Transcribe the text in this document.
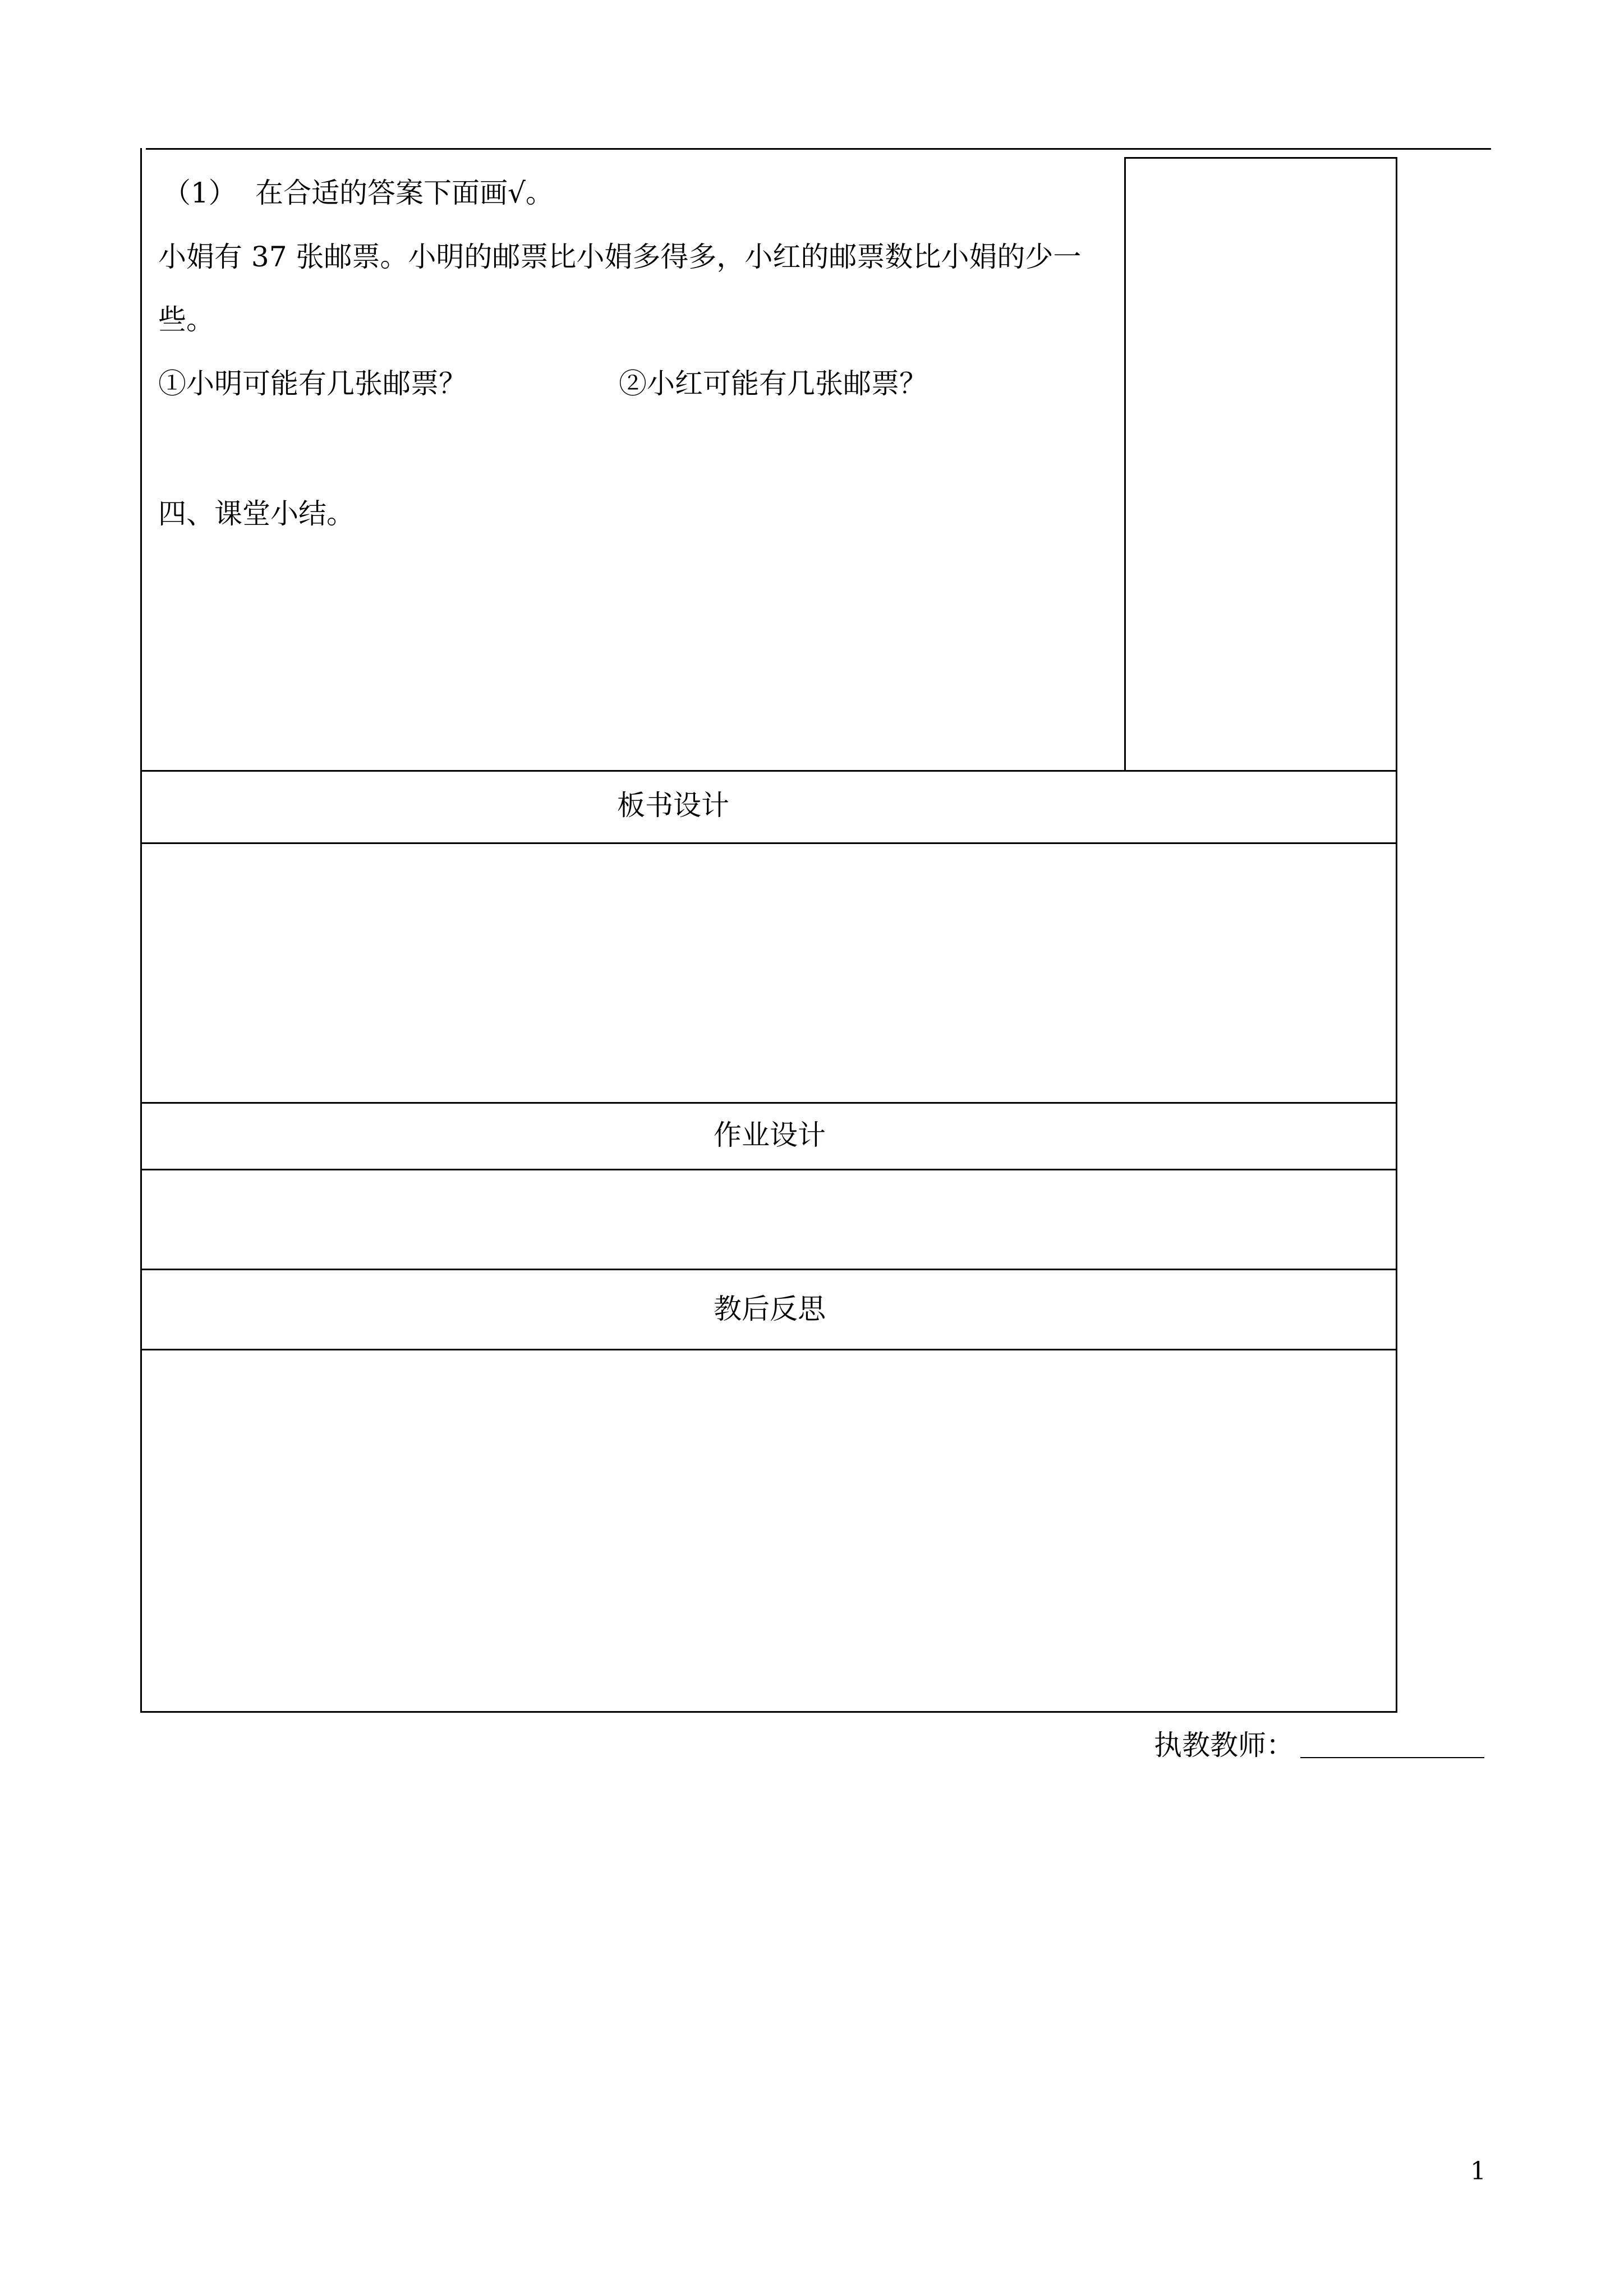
（1） 在合适的答案下面画√。
小娟有 37 张邮票。小明的邮票比小娟多得多，小红的邮票数比小娟的少一
些。
①小明可能有几张邮票？	②小红可能有几张邮票？
四、课堂小结。
板书设计
作业设计
教后反思
执教教师：
1
